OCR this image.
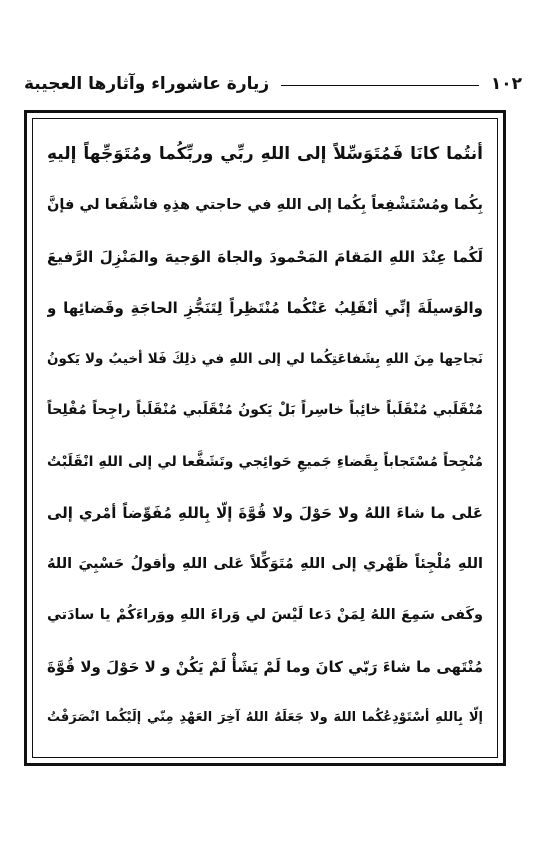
زيارة عاشوراء وآثارها العجيبة	١٠٢
أنتُما كانَا فَمُتَوَسِّلاً إلى اللهِ ربِّي وربِّكُما ومُتَوَجِّهاً إليهِ
بِكُما ومُسْتَشْفِعاً بِكُما إلى اللهِ في حاجتي هذِهِ فاشْفَعا لي فإنَّ
لَكُما عِنْدَ اللهِ المَقامَ المَحْمودَ والجاهَ الوَجيهَ والمَنْزِلَ الرَّفيعَ
والوَسيلَةَ إنِّي أنْقَلِبُ عَنْكُما مُنْتَظِراً لِتَنَجُّزِ الحاجَةِ وقَضائِها و
نَجاحِها مِنَ اللهِ بِشَفاعَتِكُما لي إلى اللهِ في ذلِكَ فَلا أخيبُ ولا يَكونُ
مُنْقَلَبي مُنْقَلَباً خائِباً خاسِراً بَلْ يَكونُ مُنْقَلَبي مُنْقَلَباً راجِحاً مُفْلِحاً
مُنْجِحاً مُسْتَجاباً بِقَضاءِ جَميعِ حَوائِجي وتَشَفَّعا لي إلى اللهِ انْقَلَبْتُ
عَلى ما شاءَ اللهُ ولا حَوْلَ ولا قُوَّةَ إلّا بِاللهِ مُفَوِّضاً أمْري إلى
اللهِ مُلْجِئاً ظَهْري إلى اللهِ مُتَوَكِّلاً عَلى اللهِ وأقولُ حَسْبِيَ اللهُ
وكَفى سَمِعَ اللهُ لِمَنْ دَعا لَيْسَ لي وَراءَ اللهِ ووَراءَكُمْ يا سادَتي
مُنْتَهى ما شاءَ رَبّي كانَ وما لَمْ يَشَأْ لَمْ يَكُنْ و لا حَوْلَ ولا قُوَّةَ
إلّا بِاللهِ أسْتَوْدِعُكُما اللهَ ولا جَعَلَهُ اللهُ آخِرَ العَهْدِ مِنّي إلَيْكُما انْصَرَفْتُ
